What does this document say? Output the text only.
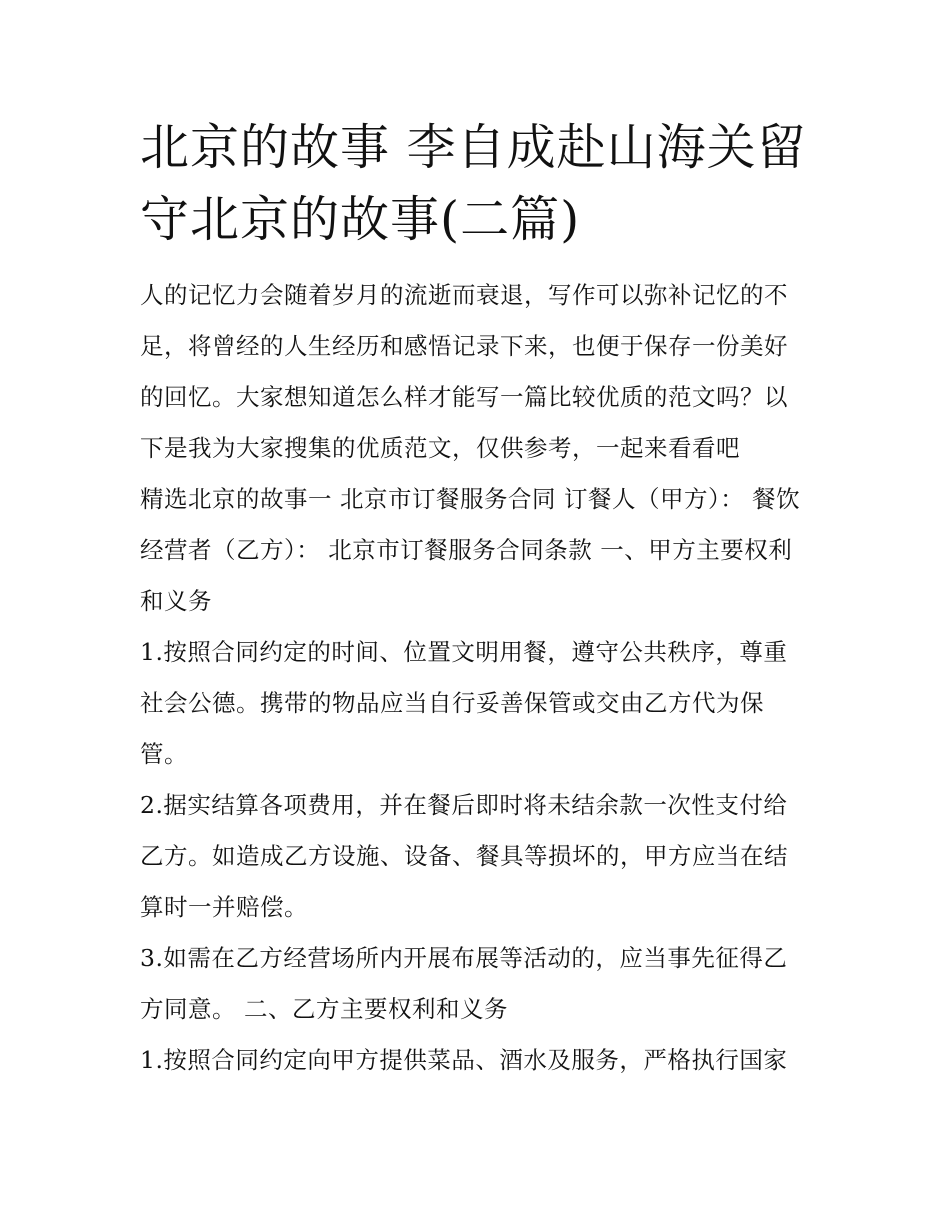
北京的故事 李自成赴山海关留守北京的故事(二篇)

人的记忆力会随着岁月的流逝而衰退，写作可以弥补记忆的不足，将曾经的人生经历和感悟记录下来，也便于保存一份美好的回忆。大家想知道怎么样才能写一篇比较优质的范文吗？以下是我为大家搜集的优质范文，仅供参考，一起来看看吧

精选北京的故事一 北京市订餐服务合同 订餐人（甲方）： 餐饮经营者（乙方）： 北京市订餐服务合同条款 一、甲方主要权利和义务

1.按照合同约定的时间、位置文明用餐，遵守公共秩序，尊重社会公德。携带的物品应当自行妥善保管或交由乙方代为保管。

2.据实结算各项费用，并在餐后即时将未结余款一次性支付给乙方。如造成乙方设施、设备、餐具等损坏的，甲方应当在结算时一并赔偿。

3.如需在乙方经营场所内开展布展等活动的，应当事先征得乙方同意。 二、乙方主要权利和义务

1.按照合同约定向甲方提供菜品、酒水及服务，严格执行国家
